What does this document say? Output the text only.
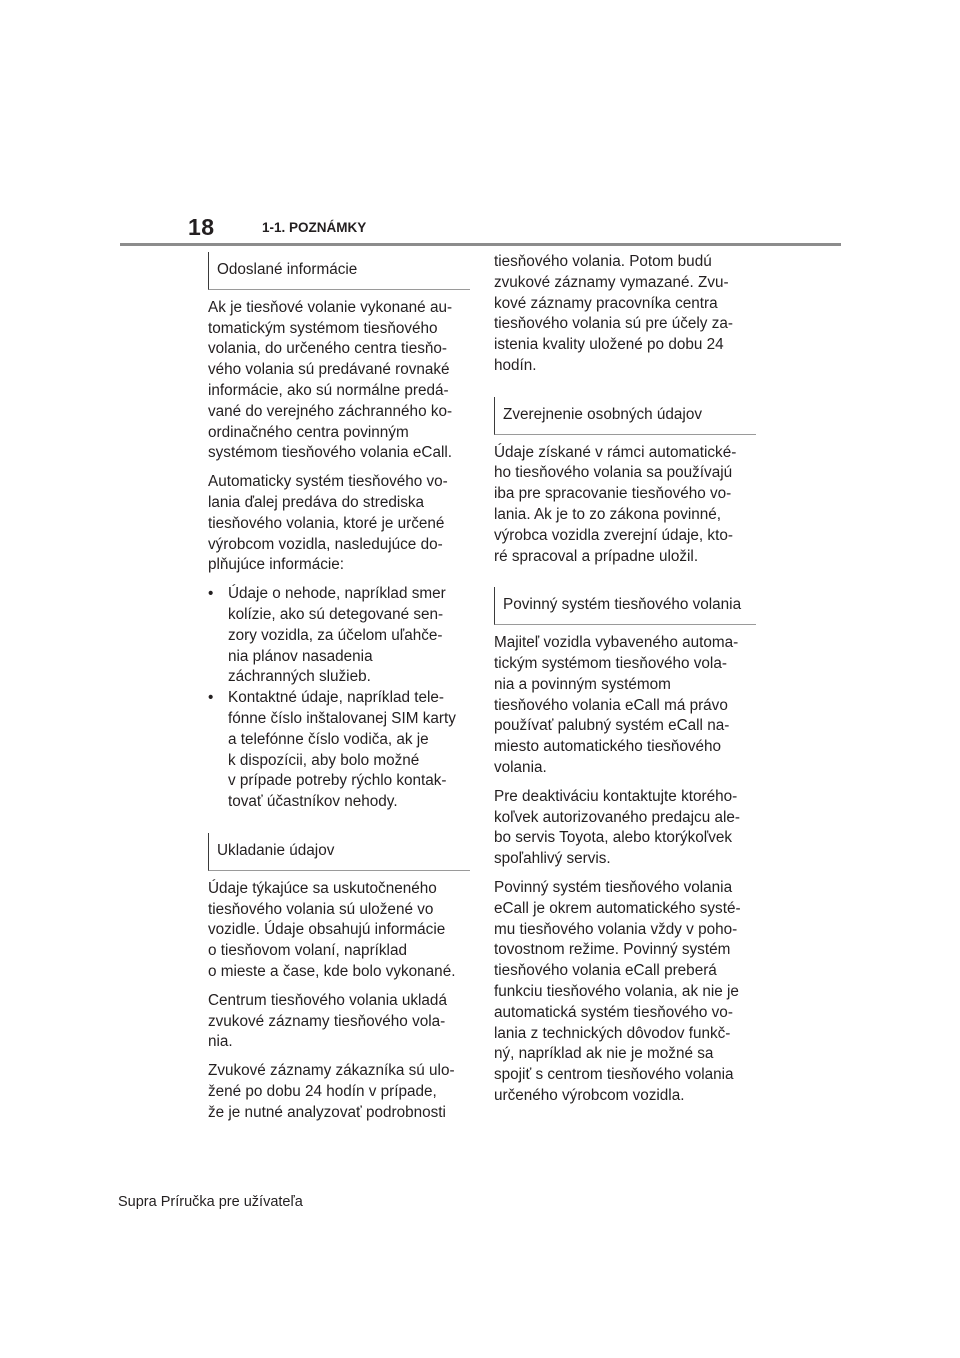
18	1-1. POZNÁMKY
Odoslané informácie

Ak je tiesňové volanie vykonané au-
tomatickým systémom tiesňového
volania, do určeného centra tiesňo-
vého volania sú predávané rovnaké
informácie, ako sú normálne predá-
vané do verejného záchranného ko-
ordinačného centra povinným
systémom tiesňového volania eCall.

Automaticky systém tiesňového vo-
lania ďalej predáva do strediska
tiesňového volania, ktoré je určené
výrobcom vozidla, nasledujúce do-
plňujúce informácie:

• Údaje o nehode, napríklad smer
kolízie, ako sú detegované sen-
zory vozidla, za účelom uľahče-
nia plánov nasadenia
záchranných služieb.
• Kontaktné údaje, napríklad tele-
fónne číslo inštalovanej SIM karty
a telefónne číslo vodiča, ak je
k dispozícii, aby bolo možné
v prípade potreby rýchlo kontak-
tovať účastníkov nehody.
Ukladanie údajov

Údaje týkajúce sa uskutočneného
tiesňového volania sú uložené vo
vozidle. Údaje obsahujú informácie
o tiesňovom volaní, napríklad
o mieste a čase, kde bolo vykonané.

Centrum tiesňového volania ukladá
zvukové záznamy tiesňového vola-
nia.

Zvukové záznamy zákazníka sú ulo-
žené po dobu 24 hodín v prípade,
že je nutné analyzovať podrobnosti

tiesňového volania. Potom budú
zvukové záznamy vymazané. Zvu-
kové záznamy pracovníka centra
tiesňového volania sú pre účely za-
istenia kvality uložené po dobu 24
hodín.

Zverejnenie osobných údajov

Údaje získané v rámci automatické-
ho tiesňového volania sa používajú
iba pre spracovanie tiesňového vo-
lania. Ak je to zo zákona povinné,
výrobca vozidla zverejní údaje, kto-
ré spracoval a prípadne uložil.

Povinný systém tiesňového volania

Majiteľ vozidla vybaveného automa-
tickým systémom tiesňového vola-
nia a povinným systémom
tiesňového volania eCall má právo
používať palubný systém eCall na-
miesto automatického tiesňového
volania.

Pre deaktiváciu kontaktujte ktorého-
koľvek autorizovaného predajcu ale-
bo servis Toyota, alebo ktorýkoľvek
spoľahlivý servis.

Povinný systém tiesňového volania
eCall je okrem automatického systé-
mu tiesňového volania vždy v poho-
tovostnom režime. Povinný systém
tiesňového volania eCall preberá
funkciu tiesňového volania, ak nie je
automatická systém tiesňového vo-
lania z technických dôvodov funkč-
ný, napríklad ak nie je možné sa
spojiť s centrom tiesňového volania
určeného výrobcom vozidla.

Supra Príručka pre užívateľa
